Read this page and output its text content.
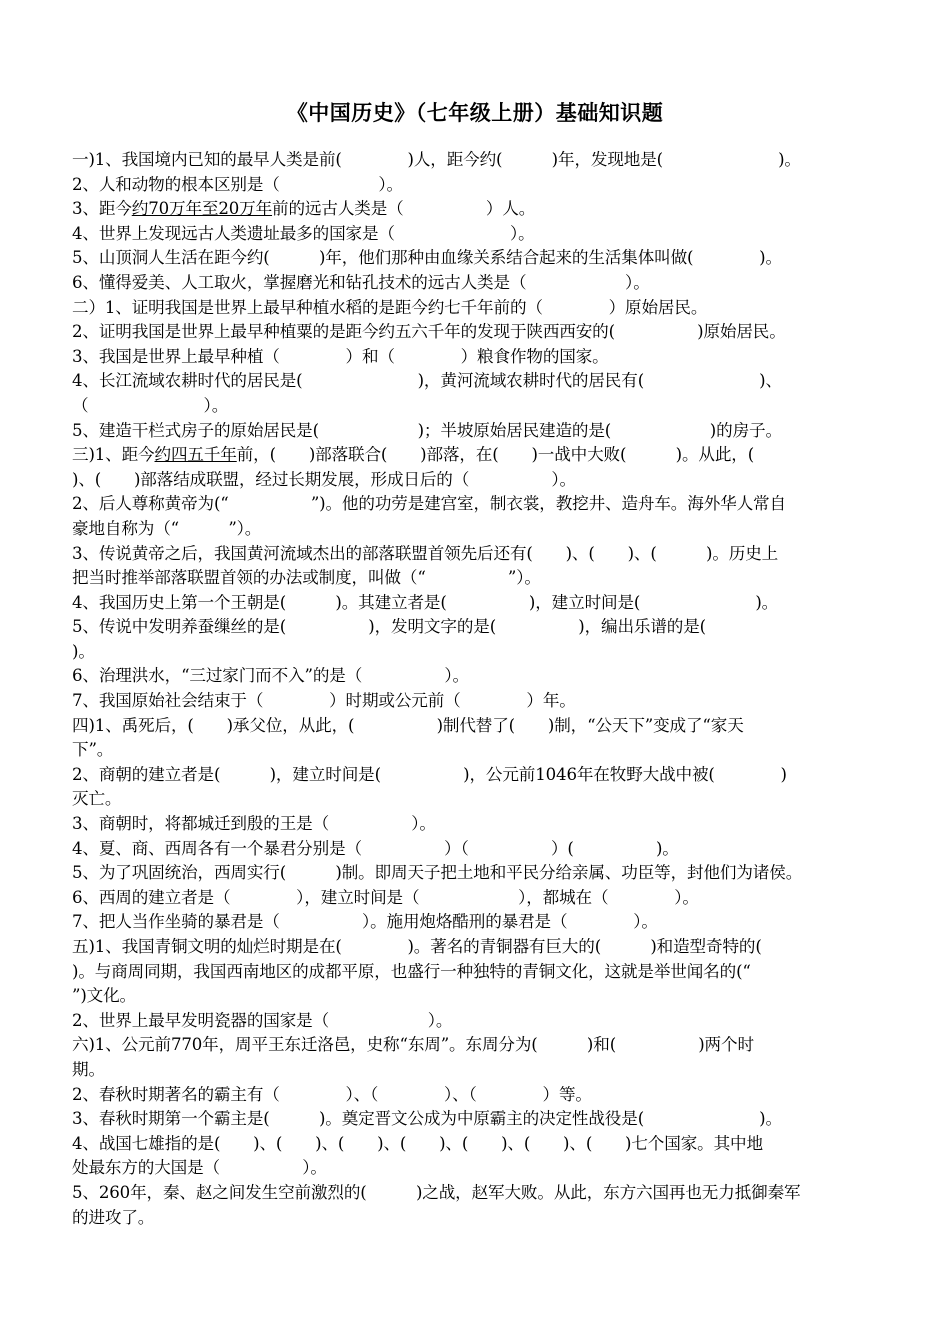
《中国历史》（七年级上册）基础知识题
一)1、我国境内已知的最早人类是前(　　　　)人，距今约(　　　)年，发现地是(　　　　　　　)。
2、人和动物的根本区别是（　　　　　　）。
3、距今约70万年至20万年前的远古人类是（　　　　　）人。
4、世界上发现远古人类遗址最多的国家是（　　　　　　　）。
5、山顶洞人生活在距今约(　　　)年，他们那种由血缘关系结合起来的生活集体叫做(　　　　)。
6、懂得爱美、人工取火，掌握磨光和钻孔技术的远古人类是（　　　　　　）。
二）1、证明我国是世界上最早种植水稻的是距今约七千年前的（　　　　）原始居民。
2、证明我国是世界上最早种植粟的是距今约五六千年的发现于陕西西安的(　　　　　)原始居民。
3、我国是世界上最早种植（　　　　）和（　　　　）粮食作物的国家。
4、长江流域农耕时代的居民是(　　　　　　　)，黄河流域农耕时代的居民有(　　　　　　　)、
（　　　　　　　）。
5、建造干栏式房子的原始居民是(　　　　　　)；半坡原始居民建造的是(　　　　　　)的房子。
三)1、距今约四五千年前，(　　)部落联合(　　)部落，在(　　)一战中大败(　　　)。从此，(
)、(　　)部落结成联盟，经过长期发展，形成日后的（　　　　　）。
2、后人尊称黄帝为(“　　　　　”)。他的功劳是建宫室，制衣裳，教挖井、造舟车。海外华人常自
豪地自称为（“　　　”）。
3、传说黄帝之后，我国黄河流域杰出的部落联盟首领先后还有(　　)、(　　)、(　　　)。历史上
把当时推举部落联盟首领的办法或制度，叫做（“　　　　　”）。
4、我国历史上第一个王朝是(　　　)。其建立者是(　　　　　)，建立时间是(　　　　　　　)。
5、传说中发明养蚕缫丝的是(　　　　　)，发明文字的是(　　　　　)，编出乐谱的是(
)。
6、治理洪水，“三过家门而不入”的是（　　　　　）。
7、我国原始社会结束于（　　　　）时期或公元前（　　　　）年。
四)1、禹死后，(　　)承父位，从此，(　　　　　)制代替了(　　)制，“公天下”变成了“家天
下”。
2、商朝的建立者是(　　　)，建立时间是(　　　　　)，公元前1046年在牧野大战中被(　　　　)
灭亡。
3、商朝时，将都城迁到殷的王是（　　　　　）。
4、夏、商、西周各有一个暴君分别是（　　　　　）（　　　　　）(　　　　　)。
5、为了巩固统治，西周实行(　　　)制。即周天子把土地和平民分给亲属、功臣等，封他们为诸侯。
6、西周的建立者是（　　　　），建立时间是（　　　　　　），都城在（　　　　）。
7、把人当作坐骑的暴君是（　　　　　）。施用炮烙酷刑的暴君是（　　　　）。
五)1、我国青铜文明的灿烂时期是在(　　　　)。著名的青铜器有巨大的(　　　)和造型奇特的(
)。与商周同期，我国西南地区的成都平原，也盛行一种独特的青铜文化，这就是举世闻名的(“
”)文化。
2、世界上最早发明瓷器的国家是（　　　　　　）。
六)1、公元前770年，周平王东迁洛邑，史称“东周”。东周分为(　　　)和(　　　　　)两个时
期。
2、春秋时期著名的霸主有（　　　　）、（　　　　）、（　　　　）等。
3、春秋时期第一个霸主是(　　　)。奠定晋文公成为中原霸主的决定性战役是(　　　　　　　)。
4、战国七雄指的是(　　)、(　　)、(　　)、(　　)、(　　)、(　　)、(　　)七个国家。其中地
处最东方的大国是（　　　　　）。
5、260年，秦、赵之间发生空前激烈的(　　　)之战，赵军大败。从此，东方六国再也无力抵御秦军
的进攻了。
